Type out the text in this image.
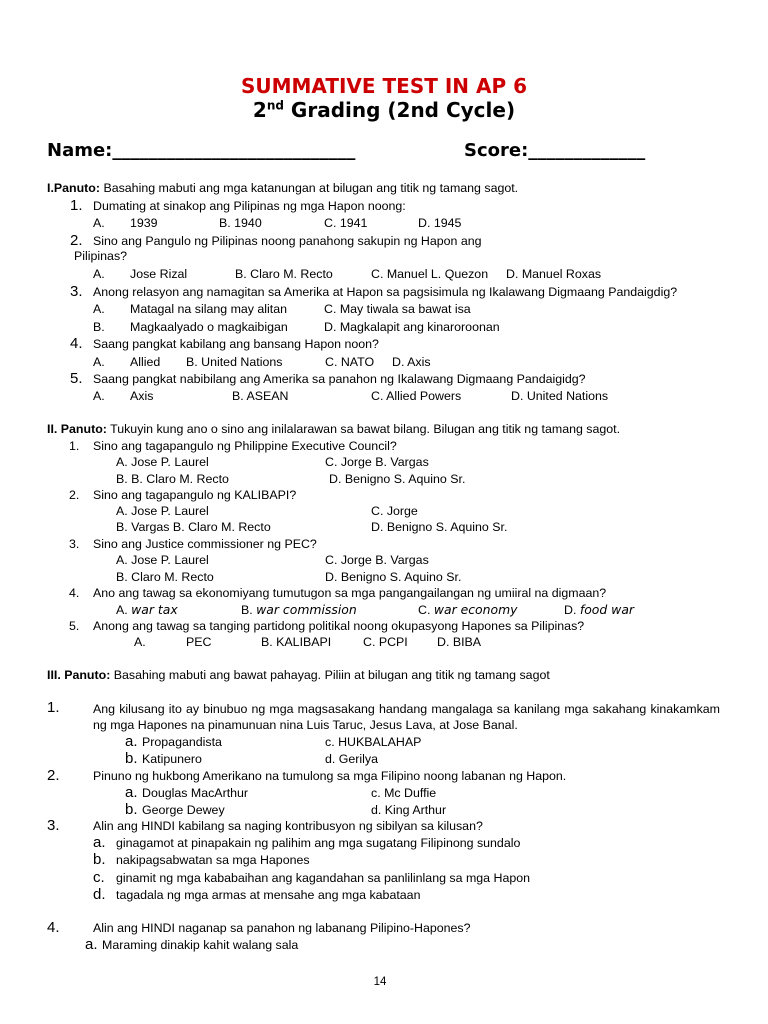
SUMMATIVE TEST IN AP 6
2nd Grading (2nd Cycle)
Name:___________________________	Score:_____________
I.Panuto: Basahing mabuti ang mga katanungan at bilugan ang titik ng tamang sagot.
1. Dumating at sinakop ang Pilipinas ng mga Hapon noong:
A. 1939	B. 1940	C. 1941	D. 1945
2. Sino ang Pangulo ng Pilipinas noong panahong sakupin ng Hapon ang
Pilipinas?
A. Jose Rizal	B. Claro M. Recto	C. Manuel L. Quezon D. Manuel Roxas
3. Anong relasyon ang namagitan sa Amerika at Hapon sa pagsisimula ng Ikalawang Digmaang Pandaigdig?
A. Matagal na silang may alitan	C. May tiwala sa bawat isa
B. Magkaalyado o magkaibigan	D. Magkalapit ang kinaroroonan
4. Saang pangkat kabilang ang bansang Hapon noon?
A. Allied B. United Nations	C. NATO D. Axis
5. Saang pangkat nabibilang ang Amerika sa panahon ng Ikalawang Digmaang Pandaigidg?
A. Axis	B. ASEAN	C. Allied Powers	D. United Nations
II. Panuto: Tukuyin kung ano o sino ang inilalarawan sa bawat bilang. Bilugan ang titik ng tamang sagot.
1. Sino ang tagapangulo ng Philippine Executive Council?
A. Jose P. Laurel	C. Jorge B. Vargas
B. B. Claro M. Recto	D. Benigno S. Aquino Sr.
2. Sino ang tagapangulo ng KALIBAPI?
A. Jose P. Laurel	C. Jorge
B. Vargas B. Claro M. Recto	D. Benigno S. Aquino Sr.
3. Sino ang Justice commissioner ng PEC?
A. Jose P. Laurel	C. Jorge B. Vargas
B. Claro M. Recto	D. Benigno S. Aquino Sr.
4. Ano ang tawag sa ekonomiyang tumutugon sa mga pangangailangan ng umiiral na digmaan?
A. war tax	B. war commission	C. war economy	D. food war
5. Anong ang tawag sa tanging partidong politikal noong okupasyong Hapones sa Pilipinas?
A.	PEC	B. KALIBAPI	C. PCPI D. BIBA
III. Panuto: Basahing mabuti ang bawat pahayag. Piliin at bilugan ang titik ng tamang sagot
1.	Ang kilusang ito ay binubuo ng mga magsasakang handang mangalaga sa kanilang mga sakahang kinakamkam ng mga Hapones na pinamunuan nina Luis Taruc, Jesus Lava, at Jose Banal.
a. Propagandista	c. HUKBALAHAP
b. Katipunero	d. Gerilya
2.	Pinuno ng hukbong Amerikano na tumulong sa mga Filipino noong labanan ng Hapon.
a. Douglas MacArthur	c. Mc Duffie
b. George Dewey	d. King Arthur
3.	Alin ang HINDI kabilang sa naging kontribusyon ng sibilyan sa kilusan?
a. ginagamot at pinapakain ng palihim ang mga sugatang Filipinong sundalo
b. nakipagsabwatan sa mga Hapones
c. ginamit ng mga kababaihan ang kagandahan sa panlilinlang sa mga Hapon
d. tagadala ng mga armas at mensahe ang mga kabataan
4.	Alin ang HINDI naganap sa panahon ng labanang Pilipino-Hapones?
a. Maraming dinakip kahit walang sala
14
